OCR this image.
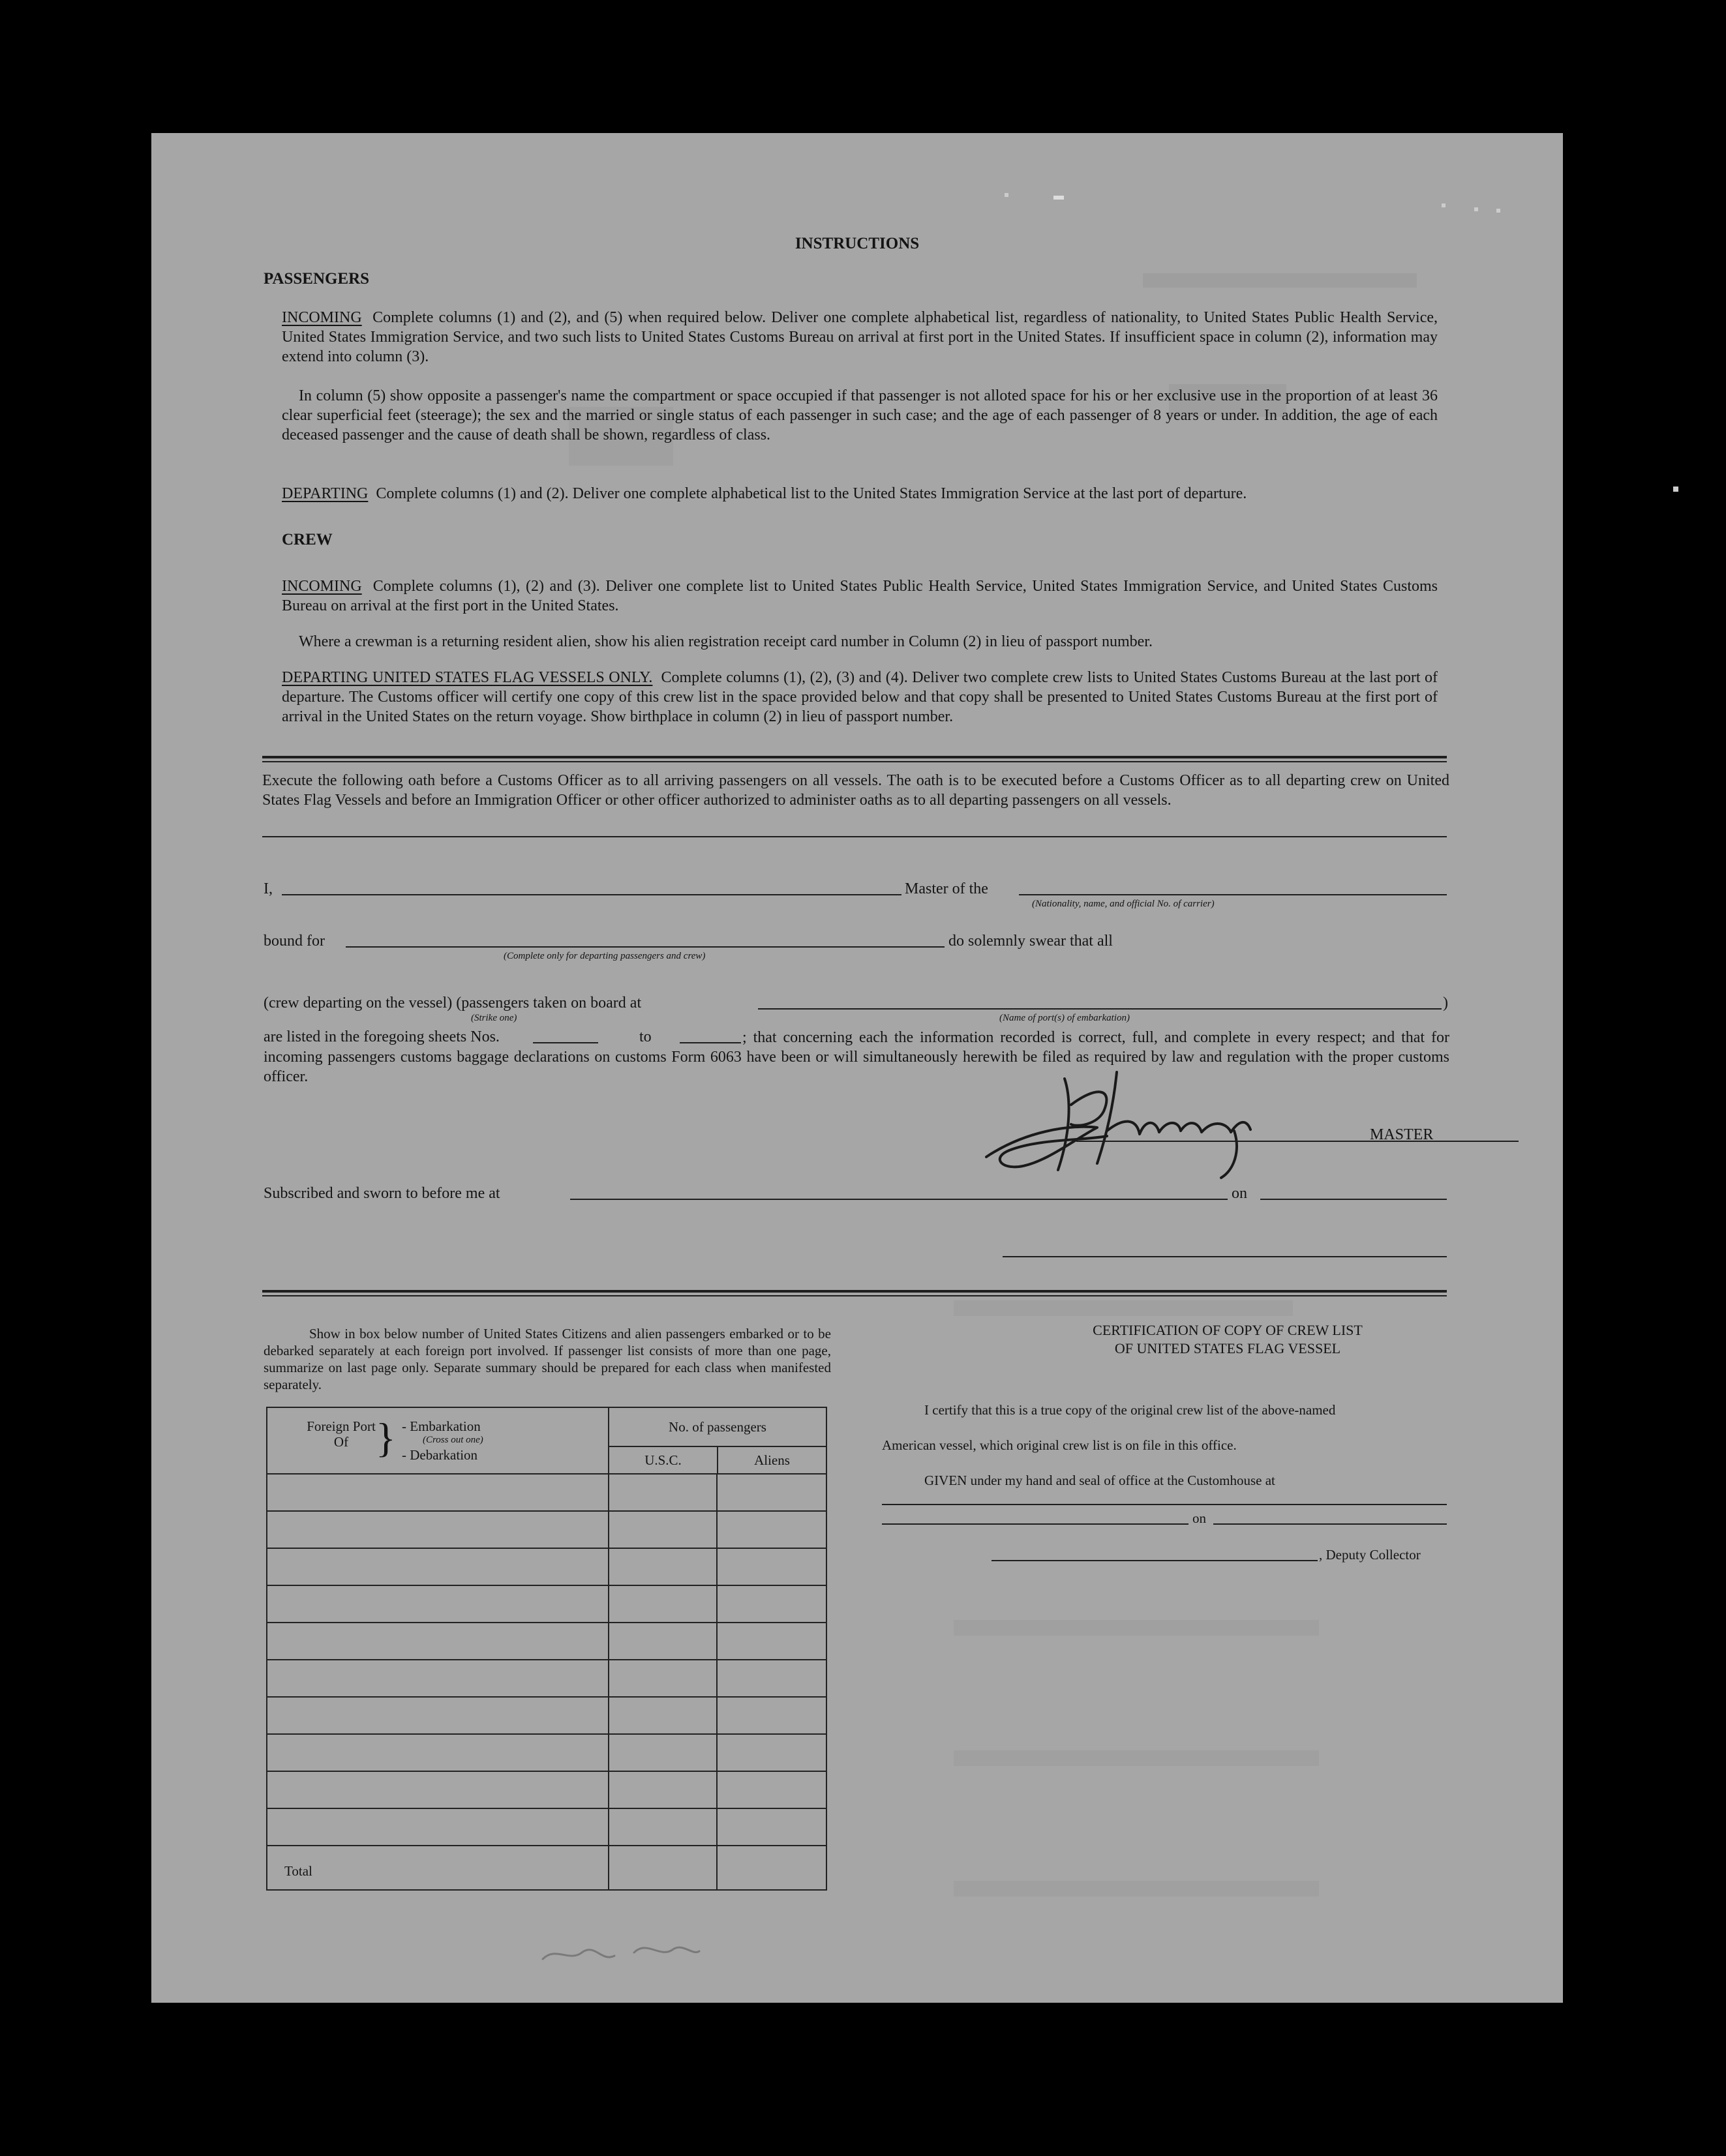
INSTRUCTIONS
PASSENGERS
INCOMING Complete columns (1) and (2), and (5) when required below. Deliver one complete alphabetical list, regardless of nationality, to United States Public Health Service, United States Immigration Service, and two such lists to United States Customs Bureau on arrival at first port in the United States. If insufficient space in column (2), information may extend into column (3).
In column (5) show opposite a passenger's name the compartment or space occupied if that passenger is not alloted space for his or her exclusive use in the proportion of at least 36 clear superficial feet (steerage); the sex and the married or single status of each passenger in such case; and the age of each passenger of 8 years or under. In addition, the age of each deceased passenger and the cause of death shall be shown, regardless of class.
DEPARTING Complete columns (1) and (2). Deliver one complete alphabetical list to the United States Immigration Service at the last port of departure.
CREW
INCOMING Complete columns (1), (2) and (3). Deliver one complete list to United States Public Health Service, United States Immigration Service, and United States Customs Bureau on arrival at the first port in the United States.
Where a crewman is a returning resident alien, show his alien registration receipt card number in Column (2) in lieu of passport number.
DEPARTING UNITED STATES FLAG VESSELS ONLY. Complete columns (1), (2), (3) and (4). Deliver two complete crew lists to United States Customs Bureau at the last port of departure. The Customs officer will certify one copy of this crew list in the space provided below and that copy shall be presented to United States Customs Bureau at the first port of arrival in the United States on the return voyage. Show birthplace in column (2) in lieu of passport number.
Execute the following oath before a Customs Officer as to all arriving passengers on all vessels. The oath is to be executed before a Customs Officer as to all departing crew on United States Flag Vessels and before an Immigration Officer or other officer authorized to administer oaths as to all departing passengers on all vessels.
I,	Master of the
(Nationality, name, and official No. of carrier)
bound for
(Complete only for departing passengers and crew)
do solemnly swear that all
(crew departing on the vessel) (passengers taken on board at
(Strike one)	(Name of port(s) of embarkation)
)
are listed in the foregoing sheets Nos.	to	; that concerning each the information recorded is correct, full, and complete in every respect; and that for incoming passengers customs baggage declarations on customs Form 6063 have been or will simultaneously herewith be filed as required by law and regulation with the proper customs officer.
MASTER
Subscribed and sworn to before me at	on
Show in box below number of United States Citizens and alien passengers embarked or to be debarked separately at each foreign port involved. If passenger list consists of more than one page, summarize on last page only. Separate summary should be prepared for each class when manifested separately.
Foreign Port Of } - Embarkation
(Cross out one)
- Debarkation

No. of passengers
U.S.C.	Aliens
Total
CERTIFICATION OF COPY OF CREW LIST
OF UNITED STATES FLAG VESSEL
I certify that this is a true copy of the original crew list of the above-named
American vessel, which original crew list is on file in this office.
GIVEN under my hand and seal of office at the Customhouse at
on
, Deputy Collector
